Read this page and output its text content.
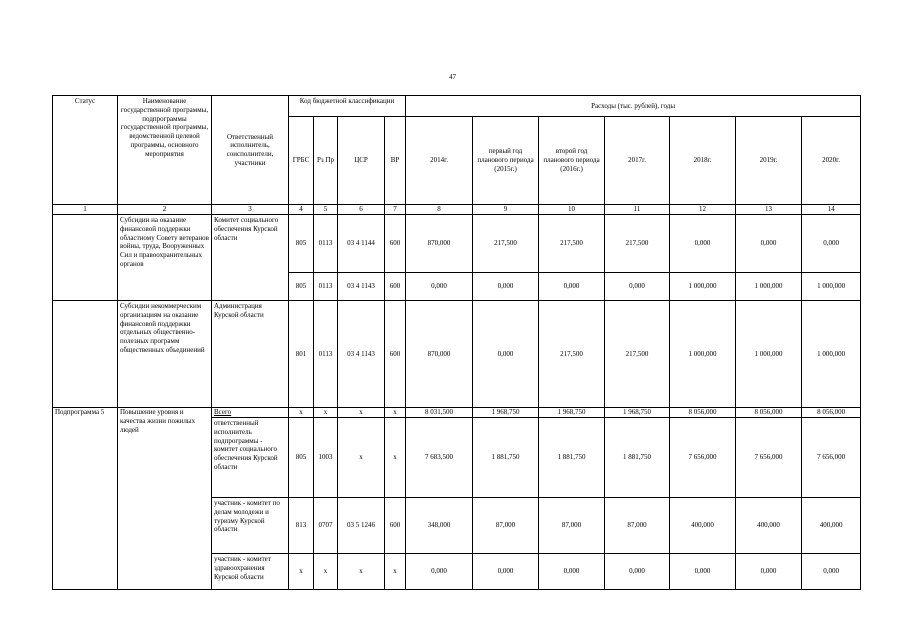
47
Статус	Наименование государственной программы, подпрограммы государственной программы, ведомственной целевой программы, основного мероприятия	Ответственный исполнитель, соисполнители, участники	Код бюджетной классификации				Расходы (тыс. рублей), годы						
			ГРБС	Рз Пр	ЦСР	ВР	2014г.	первый год планового периода (2015г.)	второй год планового периода (2016г.)	2017г.	2018г.	2019г.	2020г.
1	2	3	4	5	6	7	8	9	10	11	12	13	14
	Субсидии на оказание финансовой поддержки областному Совету ветеранов войны, труда, Вооруженных Сил и правоохранительных органов	Комитет социального обеспечения Курской области	805	0113	03 4 1144	600	870,000	217,500	217,500	217,500	0,000	0,000	0,000
			805	0113	03 4 1143	600	0,000	0,000	0,000	0,000	1 000,000	1 000,000	1 000,000
	Субсидии некоммерческим организациям на оказание финансовой поддержки отдельных общественно-полезных программ общественных объединений	Администрация Курской области	801	0113	03 4 1143	600	870,000	0,000	217,500	217,500	1 000,000	1 000,000	1 000,000
Подпрограмма 5	Повышение уровня и качества жизни пожилых людей	Всего	x	x	x	x	8 031,500	1 968,750	1 968,750	1 968,750	8 056,000	8 056,000	8 056,000
		ответственный исполнитель подпрограммы - комитет социального обеспечения Курской области	805	1003	x	x	7 683,500	1 881,750	1 881,750	1 881,750	7 656,000	7 656,000	7 656,000
		участник - комитет по делам молодежи и туризму Курской области	813	0707	03 5 1246	600	348,000	87,000	87,000	87,000	400,000	400,000	400,000
		участник - комитет здравоохранения Курской области	x	x	x	x	0,000	0,000	0,000	0,000	0,000	0,000	0,000
